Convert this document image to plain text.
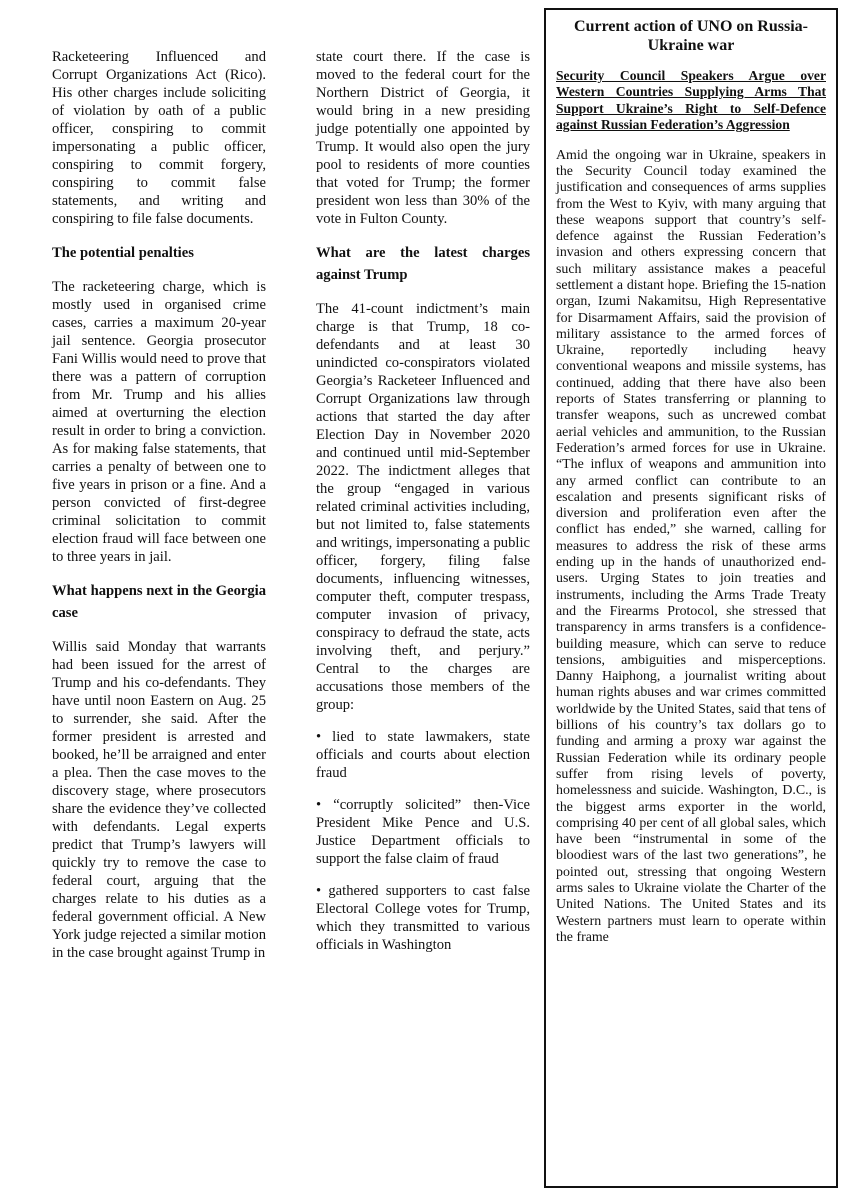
Racketeering Influenced and Corrupt Organizations Act (Rico). His other charges include soliciting of violation by oath of a public officer, conspiring to commit impersonating a public officer, conspiring to commit forgery, conspiring to commit false statements, and writing and conspiring to file false documents.

The potential penalties

The racketeering charge, which is mostly used in organised crime cases, carries a maximum 20-year jail sentence. Georgia prosecutor Fani Willis would need to prove that there was a pattern of corruption from Mr. Trump and his allies aimed at overturning the election result in order to bring a conviction. As for making false statements, that carries a penalty of between one to five years in prison or a fine. And a person convicted of first-degree criminal solicitation to commit election fraud will face between one to three years in jail.

What happens next in the Georgia case

Willis said Monday that warrants had been issued for the arrest of Trump and his co-defendants. They have until noon Eastern on Aug. 25 to surrender, she said. After the former president is arrested and booked, he’ll be arraigned and enter a plea. Then the case moves to the discovery stage, where prosecutors share the evidence they’ve collected with defendants. Legal experts predict that Trump’s lawyers will quickly try to remove the case to federal court, arguing that the charges relate to his duties as a federal government official. A New York judge rejected a similar motion in the case brought against Trump in

state court there. If the case is moved to the federal court for the Northern District of Georgia, it would bring in a new presiding judge potentially one appointed by Trump. It would also open the jury pool to residents of more counties that voted for Trump; the former president won less than 30% of the vote in Fulton County.

What are the latest charges against Trump

The 41-count indictment’s main charge is that Trump, 18 co-defendants and at least 30 unindicted co-conspirators violated Georgia’s Racketeer Influenced and Corrupt Organizations law through actions that started the day after Election Day in November 2020 and continued until mid-September 2022. The indictment alleges that the group “engaged in various related criminal activities including, but not limited to, false statements and writings, impersonating a public officer, forgery, filing false documents, influencing witnesses, computer theft, computer trespass, computer invasion of privacy, conspiracy to defraud the state, acts involving theft, and perjury.” Central to the charges are accusations those members of the group:

• lied to state lawmakers, state officials and courts about election fraud

• “corruptly solicited” then-Vice President Mike Pence and U.S. Justice Department officials to support the false claim of fraud

• gathered supporters to cast false Electoral College votes for Trump, which they transmitted to various officials in Washington

Current action of UNO on Russia-Ukraine war

Security Council Speakers Argue over Western Countries Supplying Arms That Support Ukraine’s Right to Self-Defence against Russian Federation’s Aggression

Amid the ongoing war in Ukraine, speakers in the Security Council today examined the justification and consequences of arms supplies from the West to Kyiv, with many arguing that these weapons support that country’s self-defence against the Russian Federation’s invasion and others expressing concern that such military assistance makes a peaceful settlement a distant hope. Briefing the 15-nation organ, Izumi Nakamitsu, High Representative for Disarmament Affairs, said the provision of military assistance to the armed forces of Ukraine, reportedly including heavy conventional weapons and missile systems, has continued, adding that there have also been reports of States transferring or planning to transfer weapons, such as uncrewed combat aerial vehicles and ammunition, to the Russian Federation’s armed forces for use in Ukraine. “The influx of weapons and ammunition into any armed conflict can contribute to an escalation and presents significant risks of diversion and proliferation even after the conflict has ended,” she warned, calling for measures to address the risk of these arms ending up in the hands of unauthorized end-users. Urging States to join treaties and instruments, including the Arms Trade Treaty and the Firearms Protocol, she stressed that transparency in arms transfers is a confidence-building measure, which can serve to reduce tensions, ambiguities and misperceptions. Danny Haiphong, a journalist writing about human rights abuses and war crimes committed worldwide by the United States, said that tens of billions of his country’s tax dollars go to funding and arming a proxy war against the Russian Federation while its ordinary people suffer from rising levels of poverty, homelessness and suicide. Washington, D.C., is the biggest arms exporter in the world, comprising 40 per cent of all global sales, which have been “instrumental in some of the bloodiest wars of the last two generations”, he pointed out, stressing that ongoing Western arms sales to Ukraine violate the Charter of the United Nations. The United States and its Western partners must learn to operate within the frame
